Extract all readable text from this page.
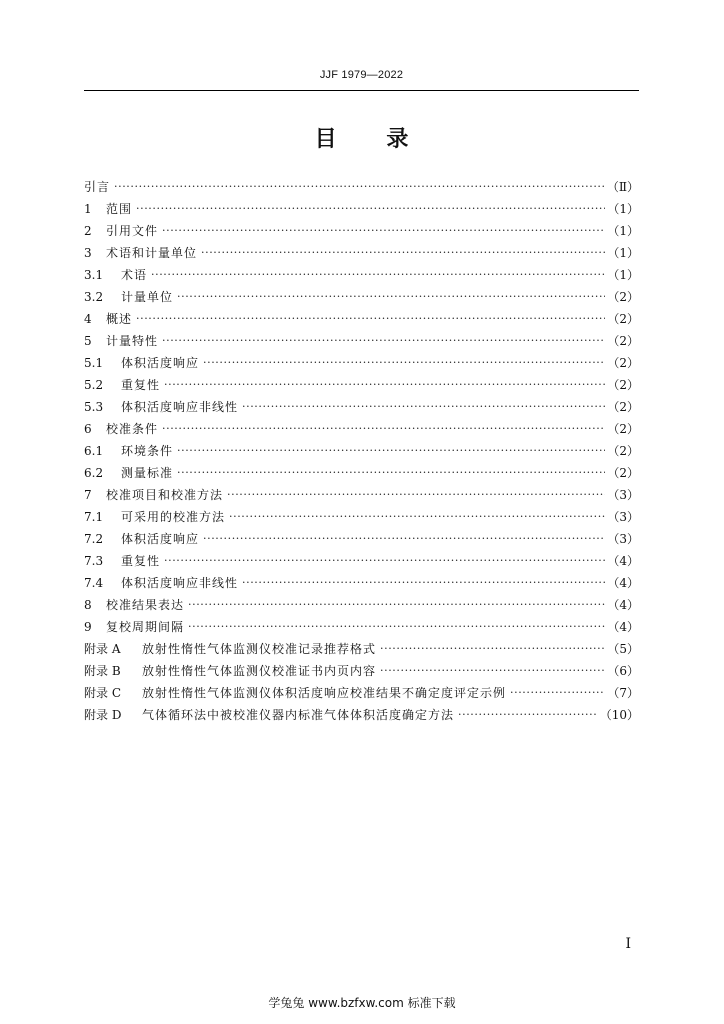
JJF 1979—2022
目 录
引言 ·····	（Ⅱ）
1	范围 ·····	（1）
2	引用文件 ·····	（1）
3	术语和计量单位 ·····	（1）
3.1	术语 ·····	（1）
3.2	计量单位 ·····	（2）
4	概述 ·····	（2）
5	计量特性 ·····	（2）
5.1	体积活度响应 ·····	（2）
5.2	重复性 ·····	（2）
5.3	体积活度响应非线性 ·····	（2）
6	校准条件 ·····	（2）
6.1	环境条件 ·····	（2）
6.2	测量标准 ·····	（2）
7	校准项目和校准方法 ·····	（3）
7.1	可采用的校准方法 ·····	（3）
7.2	体积活度响应 ·····	（3）
7.3	重复性 ·····	（4）
7.4	体积活度响应非线性 ·····	（4）
8	校准结果表达 ·····	（4）
9	复校周期间隔 ·····	（4）
附录 A	放射性惰性气体监测仪校准记录推荐格式 ·····	（5）
附录 B	放射性惰性气体监测仪校准证书内页内容 ·····	（6）
附录 C	放射性惰性气体监测仪体积活度响应校准结果不确定度评定示例 ·····	（7）
附录 D	气体循环法中被校准仪器内标准气体体积活度确定方法 ·····	（10）
I
学兔兔 www.bzfxw.com 标准下载
